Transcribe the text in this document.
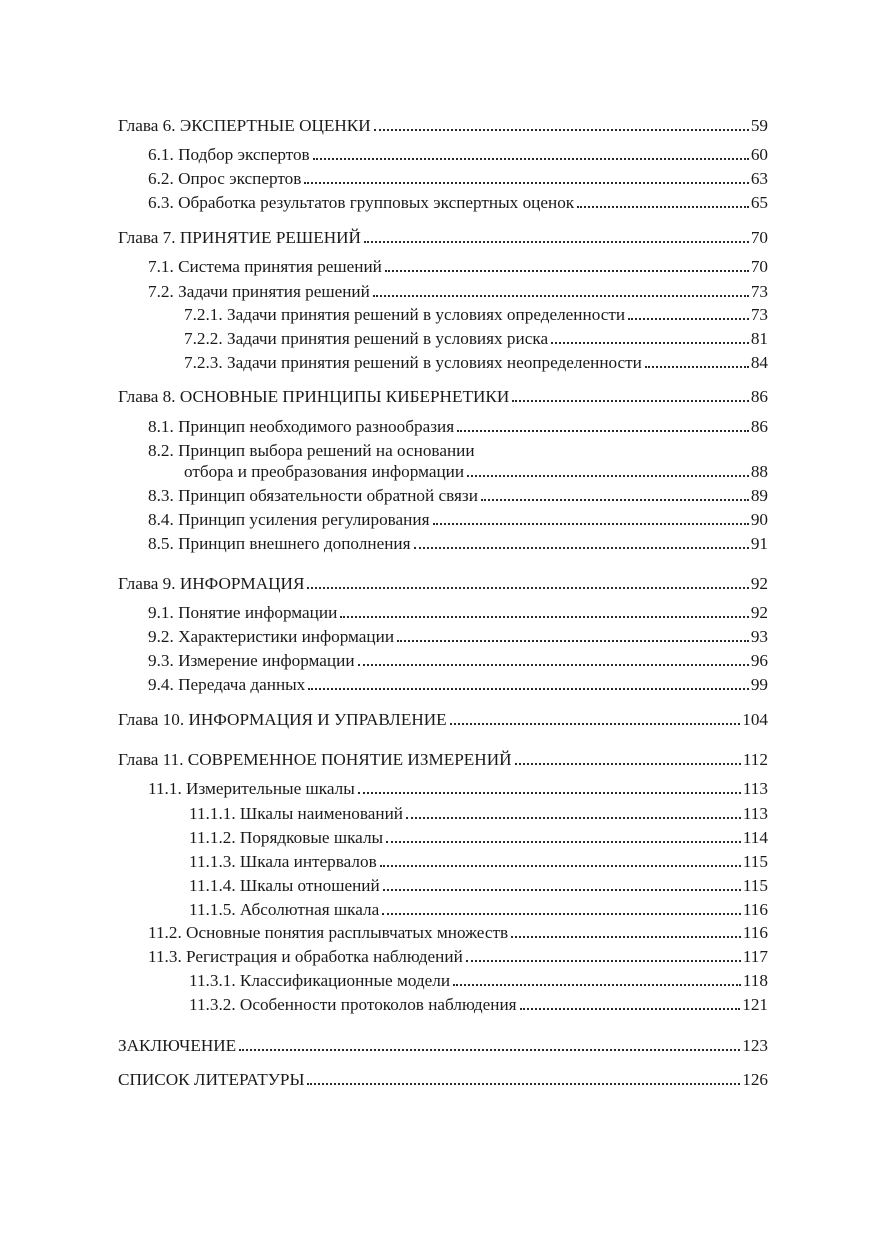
Глава 6. ЭКСПЕРТНЫЕ ОЦЕНКИ	59
6.1. Подбор экспертов	60
6.2. Опрос экспертов	63
6.3. Обработка результатов групповых экспертных оценок	65
Глава 7. ПРИНЯТИЕ РЕШЕНИЙ	70
7.1. Система принятия решений	70
7.2. Задачи принятия решений	73
7.2.1. Задачи принятия решений в условиях определенности	73
7.2.2. Задачи принятия решений в условиях риска	81
7.2.3. Задачи принятия решений в условиях неопределенности	84
Глава 8. ОСНОВНЫЕ ПРИНЦИПЫ КИБЕРНЕТИКИ	86
8.1. Принцип необходимого разнообразия	86
8.2. Принцип выбора решений на основании
отбора и преобразования информации	88
8.3. Принцип обязательности обратной связи	89
8.4. Принцип усиления регулирования	90
8.5. Принцип внешнего дополнения	91
Глава 9. ИНФОРМАЦИЯ	92
9.1. Понятие информации	92
9.2. Характеристики информации	93
9.3. Измерение информации	96
9.4. Передача данных	99
Глава 10. ИНФОРМАЦИЯ И УПРАВЛЕНИЕ	104
Глава 11. СОВРЕМЕННОЕ ПОНЯТИЕ ИЗМЕРЕНИЙ	112
11.1. Измерительные шкалы	113
11.1.1. Шкалы наименований	113
11.1.2. Порядковые шкалы	114
11.1.3. Шкала интервалов	115
11.1.4. Шкалы отношений	115
11.1.5. Абсолютная шкала	116
11.2. Основные понятия расплывчатых множеств	116
11.3. Регистрация и обработка наблюдений	117
11.3.1. Классификационные модели	118
11.3.2. Особенности протоколов наблюдения	121
ЗАКЛЮЧЕНИЕ	123
СПИСОК ЛИТЕРАТУРЫ	126
